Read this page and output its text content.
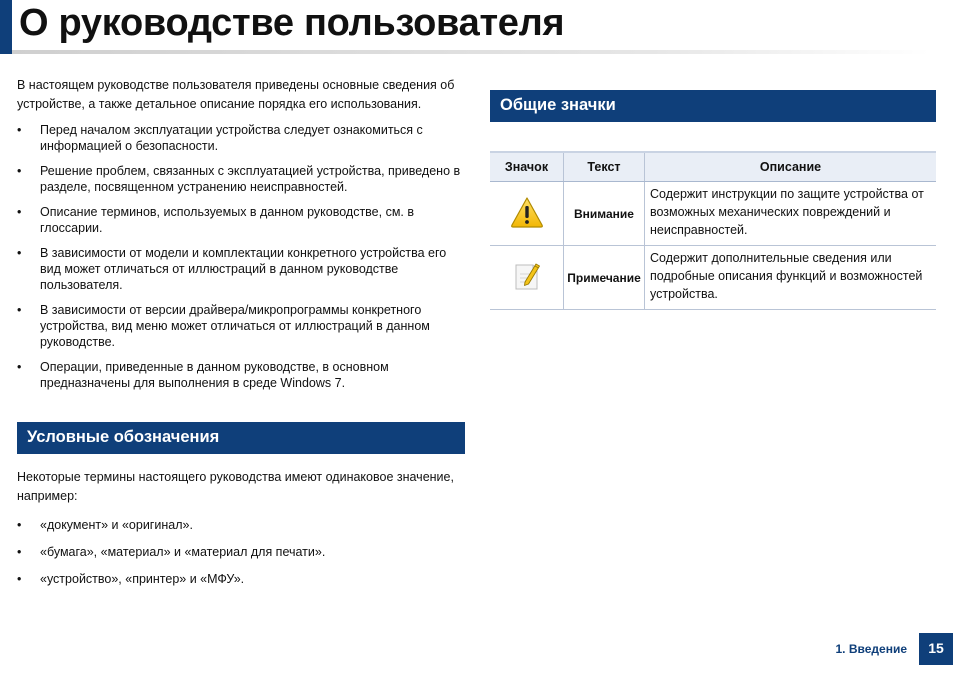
О руководстве пользователя

В настоящем руководстве пользователя приведены основные сведения об устройстве, а также детальное описание порядка его использования.

• Перед началом эксплуатации устройства следует ознакомиться с информацией о безопасности.
• Решение проблем, связанных с эксплуатацией устройства, приведено в разделе, посвященном устранению неисправностей.
• Описание терминов, используемых в данном руководстве, см. в глоссарии.
• В зависимости от модели и комплектации конкретного устройства его вид может отличаться от иллюстраций в данном руководстве пользователя.
• В зависимости от версии драйвера/микропрограммы конкретного устройства, вид меню может отличаться от иллюстраций в данном руководстве.
• Операции, приведенные в данном руководстве, в основном предназначены для выполнения в среде Windows 7.
Условные обозначения

Некоторые термины настоящего руководства имеют одинаковое значение, например:

• «документ» и «оригинал».
• «бумага», «материал» и «материал для печати».
• «устройство», «принтер» и «МФУ».
Общие значки
Значок	Текст	Описание
	Внимание	Содержит инструкции по защите устройства от возможных механических повреждений и неисправностей.
	Примечание	Содержит дополнительные сведения или подробные описания функций и возможностей устройства.
1. Введение	15
